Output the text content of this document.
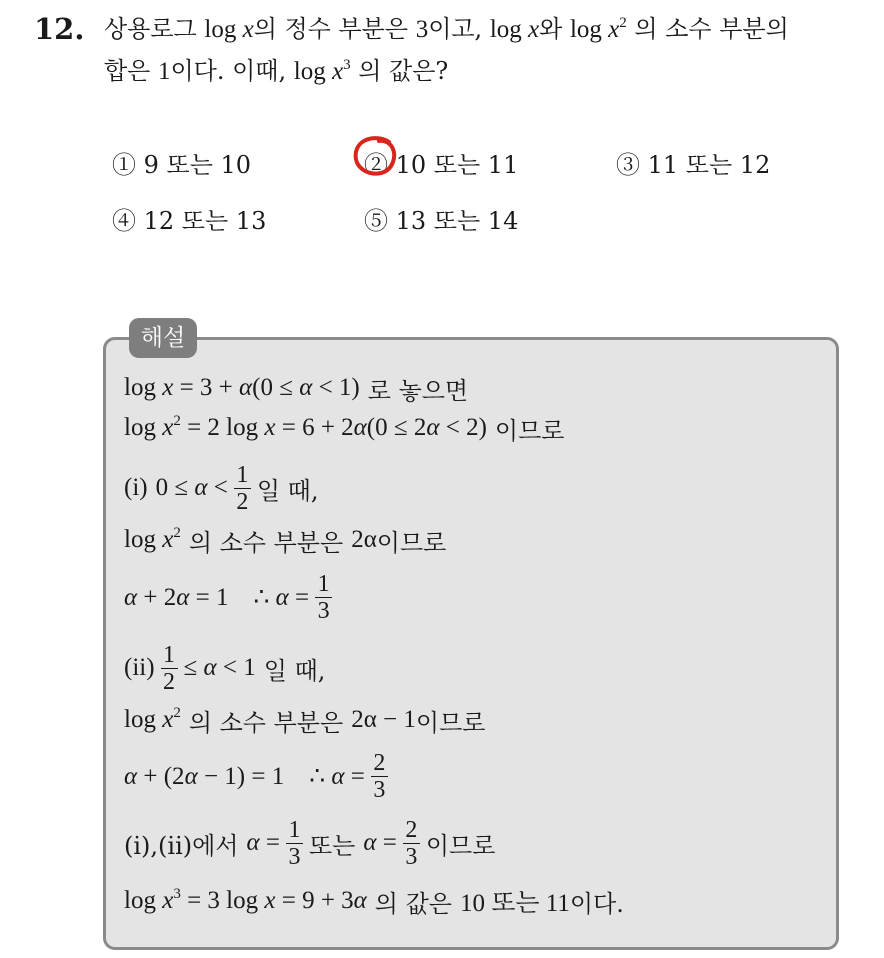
12. 상용로그 log x의 정수 부분은 3이고, log x와 $\log x^2$ 의 소수 부분의
합은 1이다. 이때, $\log x^3$ 의 값은?
① 9 또는 10	② 10 또는 11	③ 11 또는 12
④ 12 또는 13	⑤ 13 또는 14
해설
log x = 3 + α(0 ≤ α < 1) 로 놓으면
$\log x^2 = 2$ log x = 6 + 2α(0 ≤ 2α < 2) 이므로
(i) $0 \le \alpha < \frac{1}{2}$ 일 때,
$\log x^2$ 의 소수 부분은 2α 이므로
α + 2α = 1    ∴ $\alpha = \frac{1}{3}$
$(ii) \frac{1}{2} \le \alpha < 1$ 일 때,
$\log x^2$ 의 소수 부분은 2α − 1 이므로
α + (2α − 1) = 1    ∴ $\alpha = \frac{2}{3}$
(i),(ii)에서 $\alpha = \frac{1}{3}$ 또는 $\alpha = \frac{2}{3}$ 이므로
$\log x^3 = 3$ log x = 9 + 3α 의 값은 10 또는 11 이다.
